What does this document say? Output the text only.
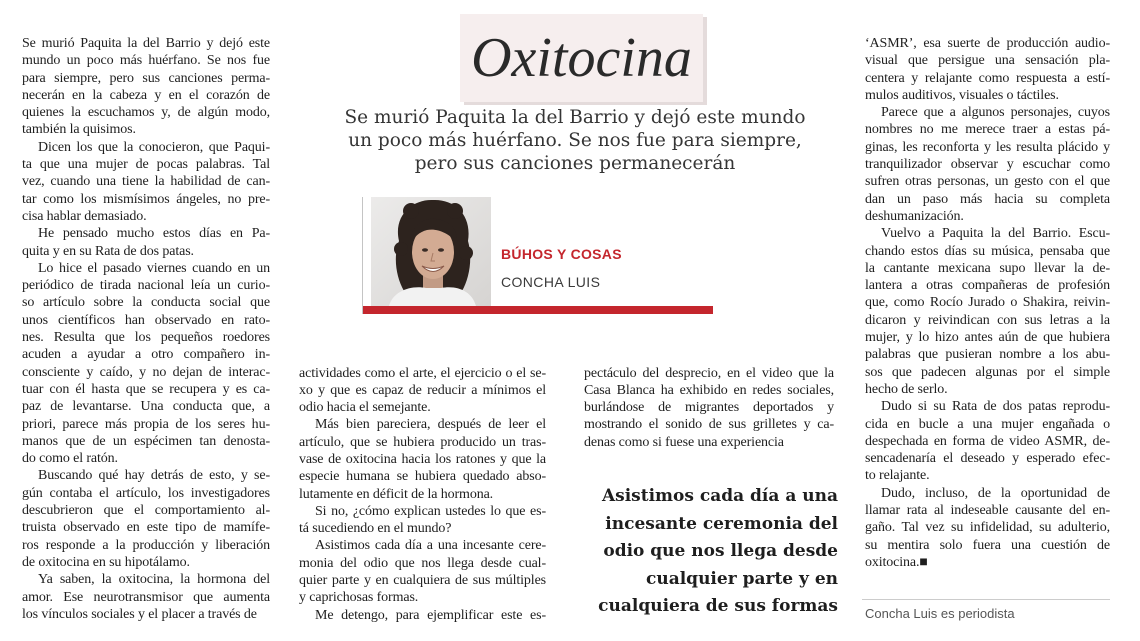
Se murió Paquita la del Barrio y dejó este
mundo un poco más huérfano. Se nos fue
para siempre, pero sus canciones perma-
necerán en la cabeza y en el corazón de
quienes la escuchamos y, de algún modo,
también la quisimos.
Dicen los que la conocieron, que Paqui-
ta que una mujer de pocas palabras. Tal
vez, cuando una tiene la habilidad de can-
tar como los mismísimos ángeles, no pre-
cisa hablar demasiado.
He pensado mucho estos días en Pa-
quita y en su Rata de dos patas.
Lo hice el pasado viernes cuando en un
periódico de tirada nacional leía un curio-
so artículo sobre la conducta social que
unos científicos han observado en rato-
nes. Resulta que los pequeños roedores
acuden a ayudar a otro compañero in-
consciente y caído, y no dejan de interac-
tuar con él hasta que se recupera y es ca-
paz de levantarse. Una conducta que, a
priori, parece más propia de los seres hu-
manos que de un espécimen tan denosta-
do como el ratón.
Buscando qué hay detrás de esto, y se-
gún contaba el artículo, los investigadores
descubrieron que el comportamiento al-
truista observado en este tipo de mamífe-
ros responde a la producción y liberación
de oxitocina en su hipotálamo.
Ya saben, la oxitocina, la hormona del
amor. Ese neurotransmisor que aumenta
los vínculos sociales y el placer a través de
actividades como el arte, el ejercicio o el se-
xo y que es capaz de reducir a mínimos el
odio hacia el semejante.
Más bien pareciera, después de leer el
artículo, que se hubiera producido un tras-
vase de oxitocina hacia los ratones y que la
especie humana se hubiera quedado abso-
lutamente en déficit de la hormona.
Si no, ¿cómo explican ustedes lo que es-
tá sucediendo en el mundo?
Asistimos cada día a una incesante cere-
monia del odio que nos llega desde cual-
quier parte y en cualquiera de sus múltiples
y caprichosas formas.
Me detengo, para ejemplificar este es-
pectáculo del desprecio, en el video que la
Casa Blanca ha exhibido en redes sociales,
burlándose de migrantes deportados y
mostrando el sonido de sus grilletes y ca-
denas como si fuese una experiencia
‘ASMR’, esa suerte de producción audio-
visual que persigue una sensación pla-
centera y relajante como respuesta a estí-
mulos auditivos, visuales o táctiles.
Parece que a algunos personajes, cuyos
nombres no me merece traer a estas pá-
ginas, les reconforta y les resulta plácido y
tranquilizador observar y escuchar como
sufren otras personas, un gesto con el que
dan un paso más hacia su completa
deshumanización.
Vuelvo a Paquita la del Barrio. Escu-
chando estos días su música, pensaba que
la cantante mexicana supo llevar la de-
lantera a otras compañeras de profesión
que, como Rocío Jurado o Shakira, reivin-
dicaron y reivindican con sus letras a la
mujer, y lo hizo antes aún de que hubiera
palabras que pusieran nombre a los abu-
sos que padecen algunas por el simple
hecho de serlo.
Dudo si su Rata de dos patas reprodu-
cida en bucle a una mujer engañada o
despechada en forma de video ASMR, de-
sencadenaría el deseado y esperado efec-
to relajante.
Dudo, incluso, de la oportunidad de
llamar rata al indeseable causante del en-
gaño. Tal vez su infidelidad, su adulterio,
su mentira solo fuera una cuestión de
oxitocina.■
Oxitocina
Se murió Paquita la del Barrio y dejó este mundo
un poco más huérfano. Se nos fue para siempre,
pero sus canciones permanecerán
BÚHOS Y COSAS
CONCHA LUIS
Asistimos cada día a una
incesante ceremonia del
odio que nos llega desde
cualquier parte y en
cualquiera de sus formas Concha Luis es periodista
